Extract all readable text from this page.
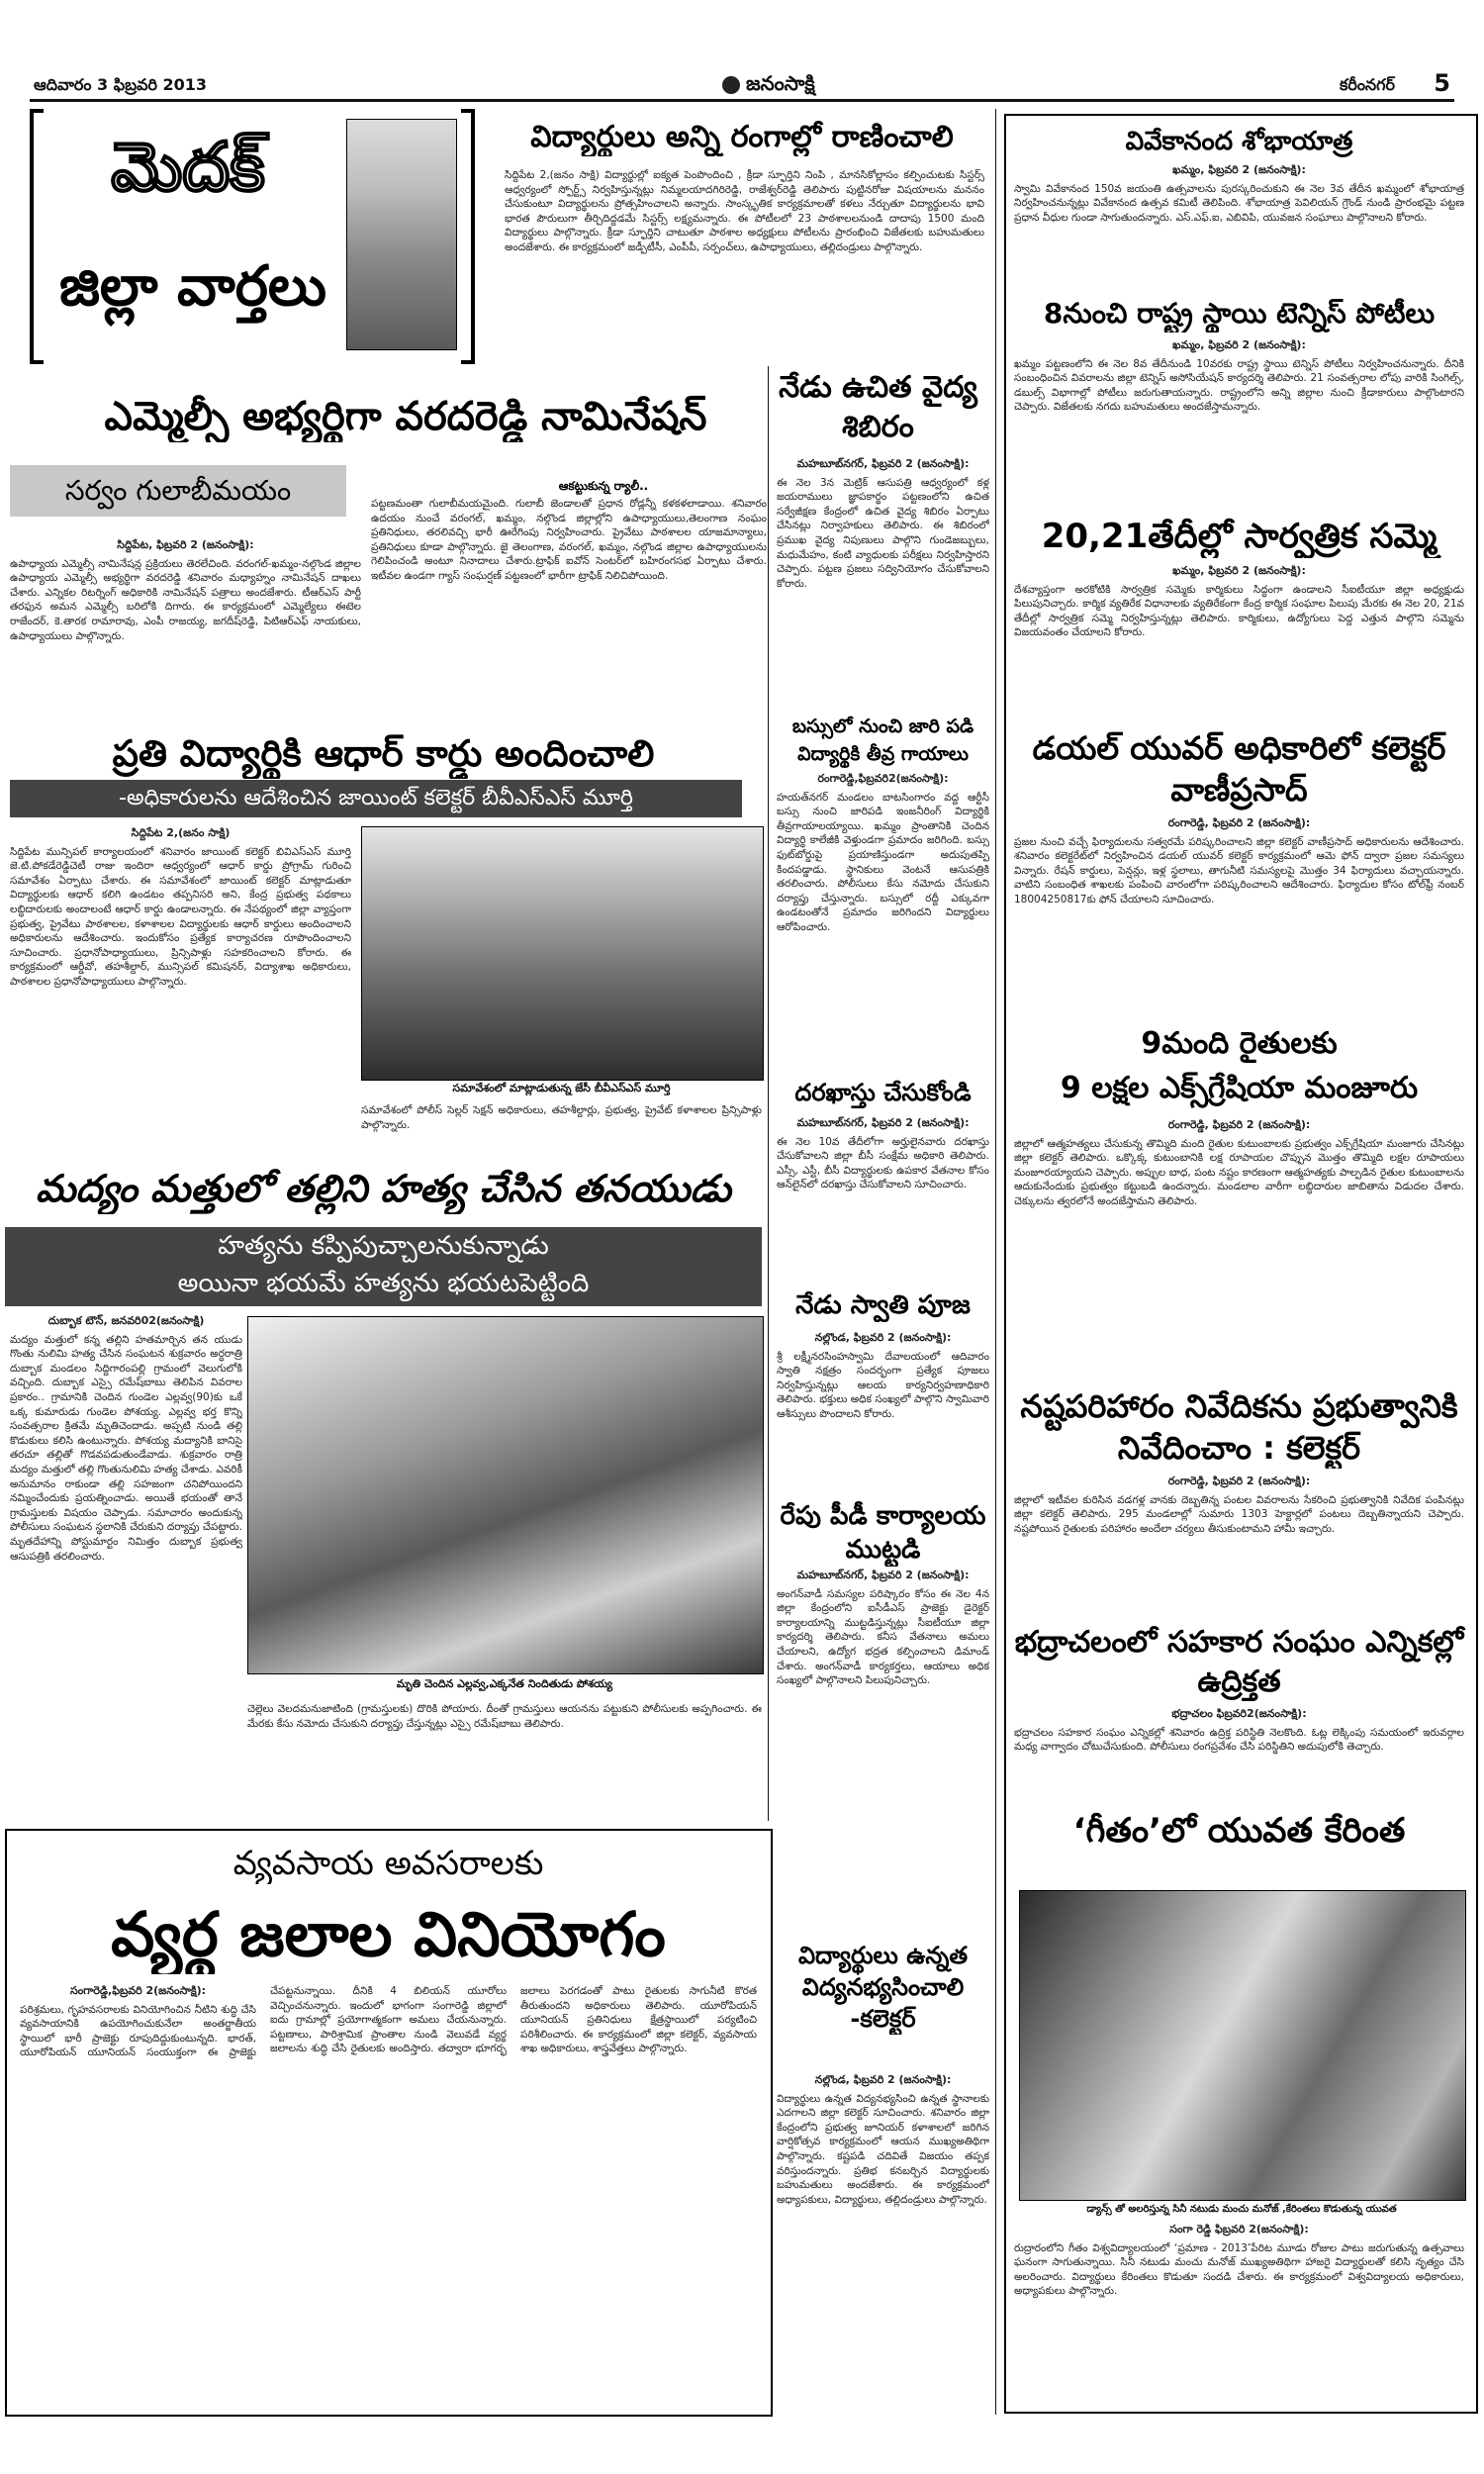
ఆదివారం 3 ఫిబ్రవరి 2013	జనంసాక్షి	కరీంనగర్ 5
మెదక్
జిల్లా వార్తలు
విద్యార్థులు అన్ని రంగాల్లో రాణించాలి
సిద్దిపేట 2,(జనం సాక్షి) విద్యార్థుల్లో ఐక్యత పెంపొందించి , క్రీడా స్ఫూర్తిని నింపి , మానసికోల్లాసం కల్పించుటకు సిస్టర్స్ ఆధ్వర్యంలో స్పోర్ట్స్ నిర్వహిస్తున్నట్లు నిమ్మలయాదగిరిరెడ్డి, రాజేశ్వర్‌రెడ్డి తెలిపారు పుట్టినరోజు విషయాలను మననం చేసుకుంటూ విద్యార్థులను ప్రోత్సహించాలని అన్నారు. సాంస్కృతిక కార్యక్రమాలతో కళలు నేర్చుతూ విద్యార్థులను భావి భారత పౌరులుగా తీర్చిదిద్దడమే సిస్టర్స్ లక్ష్యమన్నారు. ఈ పోటీలలో 23 పాఠశాలలనుండి దాదాపు 1500 మంది విద్యార్థులు పాల్గొన్నారు. క్రీడా స్ఫూర్తిని చాటుతూ పాఠశాల అధ్యక్షులు పోటీలను ప్రారంభించి విజేతలకు బహుమతులు అందజేశారు. ఈ కార్యక్రమంలో జడ్పీటీసీ, ఎంపీపీ, సర్పంచ్‌లు, ఉపాధ్యాయులు, తల్లిదండ్రులు పాల్గొన్నారు.
ఎమ్మెల్సీ అభ్యర్థిగా వరదరెడ్డి నామినేషన్
సర్వం గులాబీమయం	ఆకట్టుకున్న ర్యాలీ..
సిద్దిపేట, ఫిబ్రవరి 2 (జనంసాక్షి):
ఉపాధ్యాయ ఎమ్మెల్సీ నామినేషన్ల ప్రక్రియలు తెరలేచింది. వరంగల్‌-ఖమ్మం-నల్గొండ జిల్లాల ఉపాధ్యాయ ఎమ్మెల్సీ అభ్యర్థిగా వరదరెడ్డి శనివారం మధ్యాహ్నం నామినేషన్ దాఖలు చేశారు. ఎన్నికల రిటర్నింగ్ అధికారికి నామినేషన్ పత్రాలు అందజేశారు. టీఆర్ఎస్ పార్టీ తరఫున అమన ఎమ్మెల్సీ బరిలోకి దిగారు. ఈ కార్యక్రమంలో ఎమ్మెల్యేలు ఈటెల రాజేందర్, కె.తారక రామారావు, ఎంపీ రాజయ్య, జగదీష్‌రెడ్డి, పిటిఆర్ఎఫ్ నాయకులు, ఉపాధ్యాయులు పాల్గొన్నారు.
పట్టణమంతా గులాబీమయమైంది. గులాబీ జెండాలతో ప్రధాన రోడ్లన్నీ కళకళలాడాయి. శనివారం ఉదయం నుంచే వరంగల్, ఖమ్మం, నల్గొండ జిల్లాల్లోని ఉపాధ్యాయులు,తెలంగాణ నంఘం ప్రతినిధులు, తరలివచ్చి భారీ ఊరేగింపు నిర్వహించారు. ప్రైవేటు పాఠశాలల యాజమాన్యాలు, ప్రతినిధులు కూడా పాల్గొన్నారు. జై తెలంగాణ, వరంగల్, ఖమ్మం, నల్గొండ జిల్లాల ఉపాధ్యాయులను గెలిపించండి అంటూ నినాదాలు చేశారు.ట్రాఫిక్ ఐవోన్ సెంటర్‌లో బహిరంగసభ ఏర్పాటు చేశారు. ఇటీవల ఉండగా గ్యాస్ సంఘర్షణ్ పట్టణంలో భారీగా ట్రాఫిక్ నిలిచిపోయింది.
నేడు ఉచిత వైద్య శిబిరం
మహబూబ్‌నగర్, ఫిబ్రవరి 2 (జనంసాక్షి):
ఈ నెల 3న మెట్రిక్ ఆసుపత్రి ఆధ్వర్యంలో కళ్ల జయరాములు జ్ఞాపకార్థం పట్టణంలోని ఉచిత సర్వేజీక్షణ కేంద్రంలో ఉచిత వైద్య శిబిరం ఏర్పాటు చేసినట్లు నిర్వాహకులు తెలిపారు. ఈ శిబిరంలో ప్రముఖ వైద్య నిపుణులు పాల్గొని గుండెజబ్బులు, మధుమేహం, కంటి వ్యాధులకు పరీక్షలు నిర్వహిస్తారని చెప్పారు. పట్టణ ప్రజలు సద్వినియోగం చేసుకోవాలని కోరారు.
ప్రతి విద్యార్థికి ఆధార్ కార్డు అందించాలి
-అధికారులను ఆదేశించిన జాయింట్ కలెక్టర్ బీవీఎస్ఎస్ మూర్తి
సిద్దిపేట 2,(జనం సాక్షి)
సిద్దిపేట మున్సిపల్ కార్యాలయంలో శనివారం జాయింట్ కలెక్టర్ బివిఎస్ఎస్ మూర్తి జె.టి.పోకడేరెడ్డిచెటీ రాజు ఇందిరా ఆధ్వర్యంలో ఆధార్ కార్డు ప్రోగ్రామ్ గురించి సమావేశం ఏర్పాటు చేశారు. ఈ సమావేశంలో జాయింట్ కలెక్టర్ మాట్లాడుతూ విద్యార్థులకు ఆధార్ కలిగి ఉండటం తప్పనిసరి అని, కేంద్ర ప్రభుత్వ పథకాలు లబ్ధిదారులకు అందాలంటే ఆధార్ కార్డు ఉండాలన్నారు. ఈ నేపథ్యంలో జిల్లా వ్యాప్తంగా ప్రభుత్వ, ప్రైవేటు పాఠశాలల, కళాశాలల విద్యార్థులకు ఆధార్ కార్డులు అందించాలని అధికారులను ఆదేశించారు. ఇందుకోసం ప్రత్యేక కార్యాచరణ రూపొందించాలని సూచించారు. ప్రధానోపాధ్యాయులు, ప్రిన్సిపాళ్లు సహకరించాలని కోరారు. ఈ కార్యక్రమంలో ఆర్డీవో, తహశీల్దార్, మున్సిపల్ కమిషనర్, విద్యాశాఖ అధికారులు, పాఠశాలల ప్రధానోపాధ్యాయులు పాల్గొన్నారు.
సమావేశంలో మాట్లాడుతున్న జేసీ బీవీఎస్ఎస్ మూర్తి
సమావేశంలో పోలీస్ సెల్లర్ సెక్షన్ అధికారులు, తహశీల్దార్లు, ప్రభుత్వ, ప్రైవేట్ కళాశాలల ప్రిన్సిపాళ్లు పాల్గొన్నారు.
బస్సులో నుంచి జారి పడి విద్యార్థికి తీవ్ర గాయాలు
రంగారెడ్డి,ఫిబ్రవరి2(జనంసాక్షి):
హయత్‌నగర్ మండలం బాటసింగారం వద్ద ఆర్టీసీ బస్సు నుంచి జారిపడి ఇంజనీరింగ్ విద్యార్థికి తీవ్రగాయాలయ్యాయి. ఖమ్మం ప్రాంతానికి చెందిన విద్యార్థి కాలేజీకి వెళ్తుండగా ప్రమాదం జరిగింది. బస్సు ఫుట్‌బోర్డుపై ప్రయాణిస్తుండగా అదుపుతప్పి కిందపడ్డాడు. స్థానికులు వెంటనే ఆసుపత్రికి తరలించారు. పోలీసులు కేసు నమోదు చేసుకుని దర్యాప్తు చేస్తున్నారు. బస్సులో రద్దీ ఎక్కువగా ఉండటంతోనే ప్రమాదం జరిగిందని విద్యార్థులు ఆరోపించారు.
దరఖాస్తు చేసుకోండి
మహబూబ్‌నగర్, ఫిబ్రవరి 2 (జనంసాక్షి):
ఈ నెల 10వ తేదీలోగా అర్హులైనవారు దరఖాస్తు చేసుకోవాలని జిల్లా బీసీ సంక్షేమ అధికారి తెలిపారు. ఎస్సీ, ఎస్టీ, బీసీ విద్యార్థులకు ఉపకార వేతనాల కోసం ఆన్‌లైన్‌లో దరఖాస్తు చేసుకోవాలని సూచించారు.
మద్యం మత్తులో తల్లిని హత్య చేసిన తనయుడు
హత్యను కప్పిపుచ్చాలనుకున్నాడు
అయినా భయమే హత్యను భయటపెట్టింది
దుబ్బాక టౌన్, జనవరి02(జనంసాక్షి)
మద్యం మత్తులో కన్న తల్లిని హతమార్చిన తన యుడు గొంతు నులిమి హత్య చేసిన సంఘటన శుక్రవారం అర్ధరాత్రి దుబ్బాక మండలం సిద్దిగారంపల్లి గ్రామంలో వెలుగులోకి వచ్చింది. దుబ్బాక ఎస్సై రమేష్‌బాబు తెలిపిన వివరాల ప్రకారం.. గ్రామానికి చెందిన గుండెల ఎల్లవ్వ(90)కు ఒకే ఒక్క కుమారుడు గుండెల పోశయ్య. ఎల్లవ్వ భర్త కొన్ని సంవత్సరాల క్రితమే మృతిచెందాడు. అప్పటి నుండి తల్లి కొడుకులు కలిసి ఉంటున్నారు. పోశయ్య మద్యానికి బానిసై తరచూ తల్లితో గొడవపడుతుండేవాడు. శుక్రవారం రాత్రి మద్యం మత్తులో తల్లి గొంతునులిమి హత్య చేశాడు. ఎవరికీ అనుమానం రాకుండా తల్లి సహజంగా చనిపోయిందని నమ్మించేందుకు ప్రయత్నించాడు. అయితే భయంతో తానే గ్రామస్తులకు విషయం చెప్పాడు. సమాచారం అందుకున్న పోలీసులు సంఘటన స్థలానికి చేరుకుని దర్యాప్తు చేపట్టారు. మృతదేహాన్ని పోస్టుమార్టం నిమిత్తం దుబ్బాక ప్రభుత్వ ఆసుపత్రికి తరలించారు.
మృతి చెందిన ఎల్లవ్వ,ఎక్కనేత నిందితుడు పోశయ్య
చెల్లెలు వెలదమనుజాటింది (గ్రామస్తులకు) దొరికి పోయారు. దీంతో గ్రామస్తులు ఆయనను పట్టుకుని పోలీసులకు అప్పగించారు. ఈ మేరకు కేసు నమోదు చేసుకుని దర్యాప్తు చేస్తున్నట్లు ఎస్సై రమేష్‌బాబు తెలిపారు.
నేడు స్వాతి పూజ
నల్లొండ, ఫిబ్రవరి 2 (జనంసాక్షి):
శ్రీ లక్ష్మీనరసింహస్వామి దేవాలయంలో ఆదివారం స్వాతి నక్షత్రం సందర్భంగా ప్రత్యేక పూజలు నిర్వహిస్తున్నట్లు ఆలయ కార్యనిర్వహణాధికారి తెలిపారు. భక్తులు అధిక సంఖ్యలో పాల్గొని స్వామివారి ఆశీస్సులు పొందాలని కోరారు.
రేపు పీడీ కార్యాలయ ముట్టడి
మహబూబ్‌నగర్, ఫిబ్రవరి 2 (జనంసాక్షి):
అంగన్‌వాడీ సమస్యల పరిష్కారం కోసం ఈ నెల 4న జిల్లా కేంద్రంలోని ఐసీడీఎస్ ప్రాజెక్టు డైరెక్టర్ కార్యాలయాన్ని ముట్టడిస్తున్నట్లు సీఐటీయూ జిల్లా కార్యదర్శి తెలిపారు. కనీస వేతనాలు అమలు చేయాలని, ఉద్యోగ భద్రత కల్పించాలని డిమాండ్ చేశారు. అంగన్‌వాడీ కార్యకర్తలు, ఆయాలు అధిక సంఖ్యలో పాల్గొనాలని పిలుపునిచ్చారు.
వ్యవసాయ అవసరాలకు
వ్యర్థ జలాల వినియోగం
సంగారెడ్డి,ఫిబ్రవరి 2(జనంసాక్షి):
పరిశ్రమలు, గృహవసరాలకు వినియోగించిన నీటిని శుద్ధి చేసి వ్యవసాయానికి ఉపయోగించుకునేలా అంతర్జాతీయ స్థాయిలో భారీ ప్రాజెక్టు రూపుదిద్దుకుంటున్నది. భారత్, యూరోపియన్ యూనియన్ సంయుక్తంగా ఈ ప్రాజెక్టు చేపట్టనున్నాయి. దీనికి 4 బిలియన్ యూరోలు వెచ్చించనున్నారు. ఇందులో భాగంగా సంగారెడ్డి జిల్లాలో ఐదు గ్రామాల్లో ప్రయోగాత్మకంగా అమలు చేయనున్నారు. పట్టణాలు, పారిశ్రామిక ప్రాంతాల నుండి వెలువడే వ్యర్థ జలాలను శుద్ధి చేసి రైతులకు అందిస్తారు. తద్వారా భూగర్భ జలాలు పెరగడంతో పాటు రైతులకు సాగునీటి కొరత తీరుతుందని అధికారులు తెలిపారు. యూరోపియన్ యూనియన్ ప్రతినిధులు క్షేత్రస్థాయిలో పర్యటించి పరిశీలించారు. ఈ కార్యక్రమంలో జిల్లా కలెక్టర్, వ్యవసాయ శాఖ అధికారులు, శాస్త్రవేత్తలు పాల్గొన్నారు.
విద్యార్థులు ఉన్నత విద్యనభ్యసించాలి -కలెక్టర్
నల్లొండ, ఫిబ్రవరి 2 (జనంసాక్షి):
విద్యార్థులు ఉన్నత విద్యనభ్యసించి ఉన్నత స్థానాలకు ఎదగాలని జిల్లా కలెక్టర్ సూచించారు. శనివారం జిల్లా కేంద్రంలోని ప్రభుత్వ జూనియర్ కళాశాలలో జరిగిన వార్షికోత్సవ కార్యక్రమంలో ఆయన ముఖ్యఅతిథిగా పాల్గొన్నారు. కష్టపడి చదివితే విజయం తప్పక వరిస్తుందన్నారు. ప్రతిభ కనబర్చిన విద్యార్థులకు బహుమతులు అందజేశారు. ఈ కార్యక్రమంలో అధ్యాపకులు, విద్యార్థులు, తల్లిదండ్రులు పాల్గొన్నారు.
వివేకానంద శోభాయాత్ర
ఖమ్మం, ఫిబ్రవరి 2 (జనంసాక్షి):
స్వామి వివేకానంద 150వ జయంతి ఉత్సవాలను పురస్కరించుకుని ఈ నెల 3వ తేదీన ఖమ్మంలో శోభాయాత్ర నిర్వహించనున్నట్లు వివేకానంద ఉత్సవ కమిటీ తెలిపింది. శోభాయాత్ర పెవిలియన్ గ్రౌండ్ నుండి ప్రారంభమై పట్టణ ప్రధాన వీధుల గుండా సాగుతుందన్నారు. ఎస్.ఎఫ్.ఐ, ఎబివిపి, యువజన సంఘాలు పాల్గొనాలని కోరారు.
8నుంచి రాష్ట్ర స్థాయి టెన్నిస్ పోటీలు
ఖమ్మం, ఫిబ్రవరి 2 (జనంసాక్షి):
ఖమ్మం పట్టణంలోని ఈ నెల 8వ తేదీనుండి 10వరకు రాష్ట్ర స్థాయి టెన్నిస్ పోటీలు నిర్వహించనున్నారు. దీనికి సంబంధించిన వివరాలను జిల్లా టెన్నిస్ అసోసియేషన్ కార్యదర్శి తెలిపారు. 21 సంవత్సరాల లోపు వారికి సింగిల్స్, డబుల్స్ విభాగాల్లో పోటీలు జరుగుతాయన్నారు. రాష్ట్రంలోని అన్ని జిల్లాల నుంచి క్రీడాకారులు పాల్గొంటారని చెప్పారు. విజేతలకు నగదు బహుమతులు అందజేస్తామన్నారు.
20,21తేదీల్లో సార్వత్రిక సమ్మె
ఖమ్మం, ఫిబ్రవరి 2 (జనంసాక్షి):
దేశవ్యాప్తంగా అరకోటికి సార్వత్రిక సమ్మెకు కార్మికులు సిద్ధంగా ఉండాలని సీఐటీయూ జిల్లా అధ్యక్షుడు పిలుపునిచ్చారు. కార్మిక వ్యతిరేక విధానాలకు వ్యతిరేకంగా కేంద్ర కార్మిక సంఘాల పిలుపు మేరకు ఈ నెల 20, 21వ తేదీల్లో సార్వత్రిక సమ్మె నిర్వహిస్తున్నట్లు తెలిపారు. కార్మికులు, ఉద్యోగులు పెద్ద ఎత్తున పాల్గొని సమ్మెను విజయవంతం చేయాలని కోరారు.
డయల్ యువర్ అధికారిలో కలెక్టర్ వాణీప్రసాద్
రంగారెడ్డి, ఫిబ్రవరి 2 (జనంసాక్షి):
ప్రజల నుంచి వచ్చే ఫిర్యాదులను సత్వరమే పరిష్కరించాలని జిల్లా కలెక్టర్ వాణీప్రసాద్ అధికారులను ఆదేశించారు. శనివారం కలెక్టరేట్‌లో నిర్వహించిన డయల్ యువర్ కలెక్టర్ కార్యక్రమంలో ఆమె ఫోన్ ద్వారా ప్రజల సమస్యలు విన్నారు. రేషన్ కార్డులు, పెన్షన్లు, ఇళ్ల స్థలాలు, తాగునీటి సమస్యలపై మొత్తం 34 ఫిర్యాదులు వచ్చాయన్నారు. వాటిని సంబంధిత శాఖలకు పంపించి వారంలోగా పరిష్కరించాలని ఆదేశించారు. ఫిర్యాదుల కోసం టోల్‌ఫ్రీ నంబర్ 18004250817కు ఫోన్ చేయాలని సూచించారు.
9మంది రైతులకు
9 లక్షల ఎక్స్‌గ్రేషియా మంజూరు
రంగారెడ్డి, ఫిబ్రవరి 2 (జనంసాక్షి):
జిల్లాలో ఆత్మహత్యలు చేసుకున్న తొమ్మిది మంది రైతుల కుటుంబాలకు ప్రభుత్వం ఎక్స్‌గ్రేషియా మంజూరు చేసినట్లు జిల్లా కలెక్టర్ తెలిపారు. ఒక్కొక్క కుటుంబానికి లక్ష రూపాయల చొప్పున మొత్తం తొమ్మిది లక్షల రూపాయలు మంజూరయ్యాయని చెప్పారు. అప్పుల బాధ, పంట నష్టం కారణంగా ఆత్మహత్యకు పాల్పడిన రైతుల కుటుంబాలను ఆదుకునేందుకు ప్రభుత్వం కట్టుబడి ఉందన్నారు. మండలాల వారీగా లబ్ధిదారుల జాబితాను విడుదల చేశారు. చెక్కులను త్వరలోనే అందజేస్తామని తెలిపారు.
నష్టపరిహారం నివేదికను ప్రభుత్వానికి నివేదించాం : కలెక్టర్
రంగారెడ్డి, ఫిబ్రవరి 2 (జనంసాక్షి):
జిల్లాలో ఇటీవల కురిసిన వడగళ్ల వానకు దెబ్బతిన్న పంటల వివరాలను సేకరించి ప్రభుత్వానికి నివేదిక పంపినట్లు జిల్లా కలెక్టర్ తెలిపారు. 295 మండలాల్లో సుమారు 1303 హెక్టార్లలో పంటలు దెబ్బతిన్నాయని చెప్పారు. నష్టపోయిన రైతులకు పరిహారం అందేలా చర్యలు తీసుకుంటామని హామీ ఇచ్చారు.
భద్రాచలంలో సహకార సంఘం ఎన్నికల్లో ఉద్రిక్తత
భద్రాచలం ఫిబ్రవరి2(జనంసాక్షి):
భద్రాచలం సహకార సంఘం ఎన్నికల్లో శనివారం ఉద్రిక్త పరిస్థితి నెలకొంది. ఓట్ల లెక్కింపు సమయంలో ఇరువర్గాల మధ్య వాగ్వాదం చోటుచేసుకుంది. పోలీసులు రంగప్రవేశం చేసి పరిస్థితిని అదుపులోకి తెచ్చారు.
‘గీతం’లో యువత కేరింత
డ్యాన్స్ తో అలరిస్తున్న సినీ నటుడు మంచు మనోజ్ ,కేరింతలు కొడుతున్న యువత
సంగా రెడ్డి ఫిబ్రవరి 2(జనంసాక్షి):
రుద్రారంలోని గీతం విశ్వవిద్యాలయంలో ‘ప్రమాణ - 2013’పేరిట మూడు రోజుల పాటు జరుగుతున్న ఉత్సవాలు ఘనంగా సాగుతున్నాయి. సినీ నటుడు మంచు మనోజ్ ముఖ్యఅతిథిగా హాజరై విద్యార్థులతో కలిసి నృత్యం చేసి అలరించారు. విద్యార్థులు కేరింతలు కొడుతూ సందడి చేశారు. ఈ కార్యక్రమంలో విశ్వవిద్యాలయ అధికారులు, అధ్యాపకులు పాల్గొన్నారు.
